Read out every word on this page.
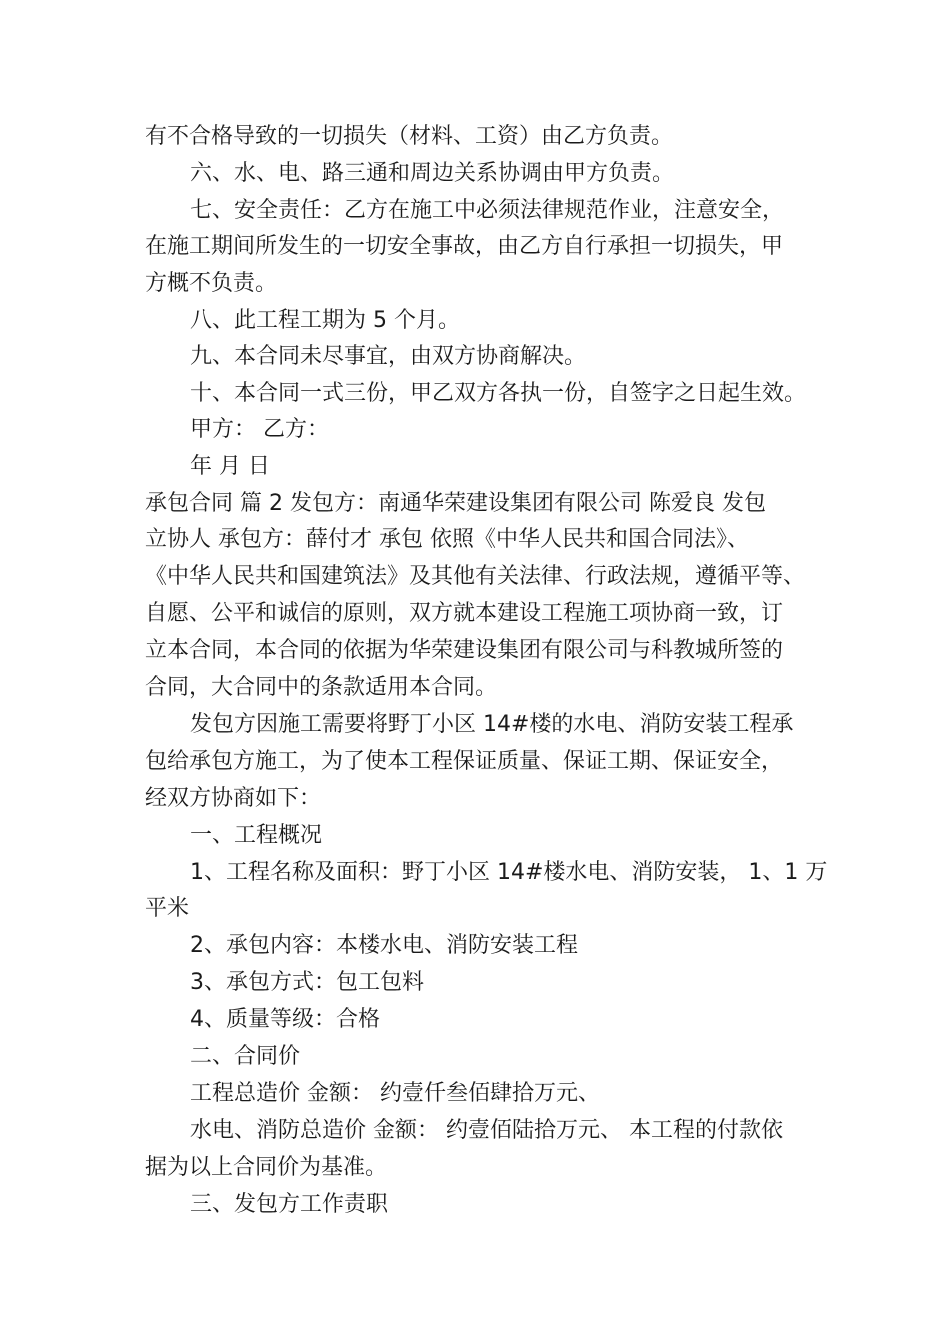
有不合格导致的一切损失（材料、工资）由乙方负责。
六、水、电、路三通和周边关系协调由甲方负责。
七、安全责任：乙方在施工中必须法律规范作业，注意安全，
在施工期间所发生的一切安全事故，由乙方自行承担一切损失，甲
方概不负责。
八、此工程工期为 5 个月。
九、本合同未尽事宜，由双方协商解决。
十、本合同一式三份，甲乙双方各执一份，自签字之日起生效。
甲方： 乙方：
年 月 日
承包合同 篇 2 发包方：南通华荣建设集团有限公司 陈爱良 发包
立协人 承包方：薛付才 承包 依照《中华人民共和国合同法》、
《中华人民共和国建筑法》及其他有关法律、行政法规，遵循平等、
自愿、公平和诚信的原则，双方就本建设工程施工项协商一致，订
立本合同，本合同的依据为华荣建设集团有限公司与科教城所签的
合同，大合同中的条款适用本合同。
发包方因施工需要将野丁小区 14#楼的水电、消防安装工程承
包给承包方施工，为了使本工程保证质量、保证工期、保证安全，
经双方协商如下：
一、工程概况
1、工程名称及面积：野丁小区 14#楼水电、消防安装， 1、1 万
平米
2、承包内容：本楼水电、消防安装工程
3、承包方式：包工包料
4、质量等级：合格
二、合同价
工程总造价 金额： 约壹仟叁佰肆拾万元、
水电、消防总造价 金额： 约壹佰陆拾万元、 本工程的付款依
据为以上合同价为基准。
三、发包方工作责职
